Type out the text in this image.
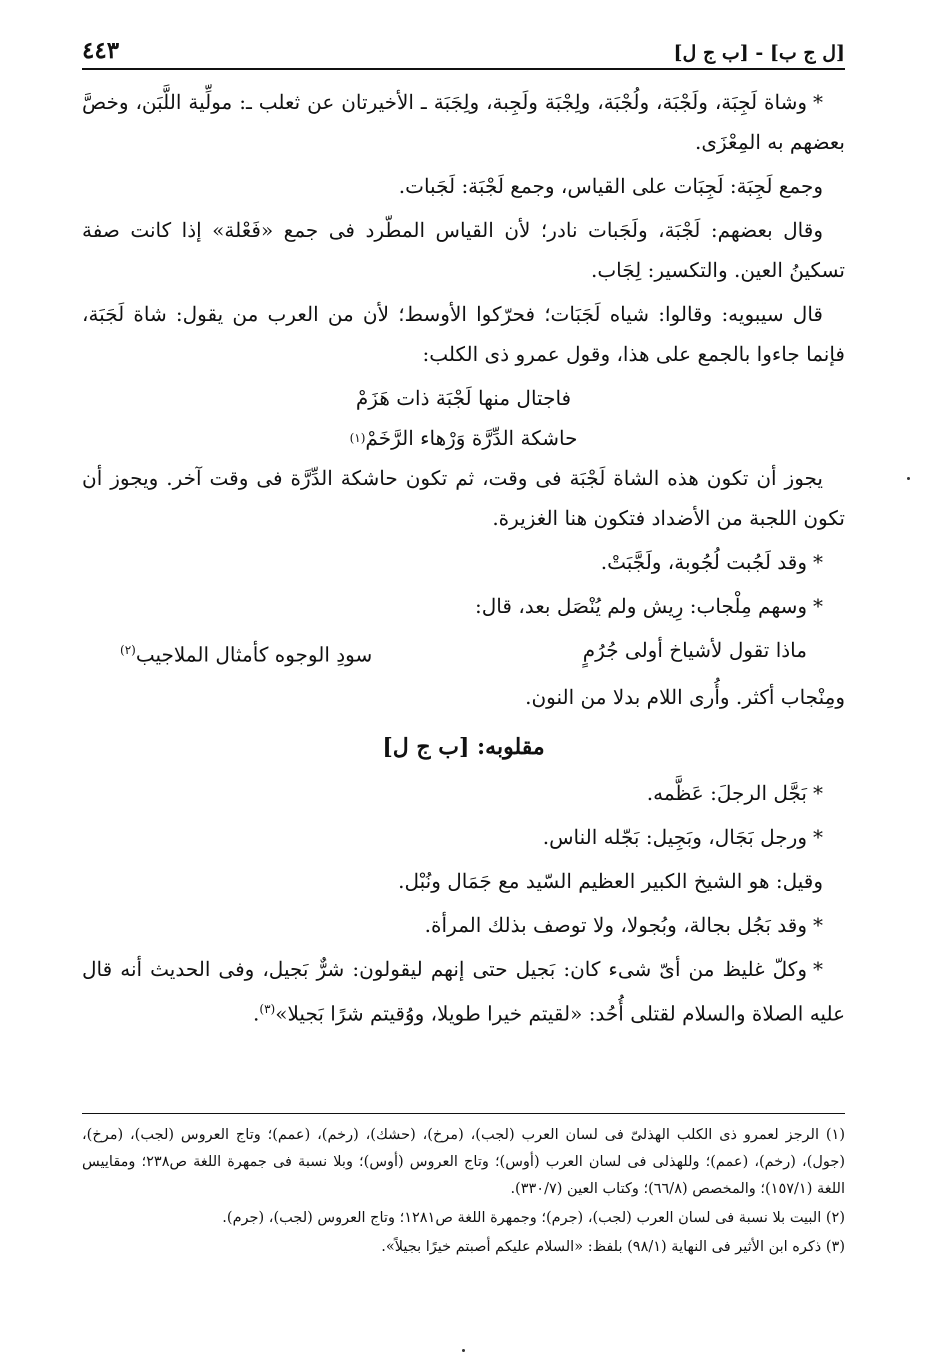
[ل ج ب] - [ب ج ل]
٤٤٣

*وشاة لَجِبَة، ولَجْبَة، ولُجْبَة، ولِجْبَة ولَجِبة، ولِجَبَة ـ الأخيرتان عن ثعلب ـ: مولِّية اللَّبَن، وخصَّ بعضهم به المِعْزَى.

وجمع لَجِبَة: لَجِبَات على القياس، وجمع لَجْبَة: لَجَبات.

وقال بعضهم: لَجْبَة، ولَجَبات نادر؛ لأن القياس المطّرد فى جمع «فَعْلة» إذا كانت صفة تسكينُ العين. والتكسير: لِجَاب.

قال سيبويه: وقالوا: شياه لَجَبَات؛ فحرّكوا الأوسط؛ لأن من العرب من يقول: شاة لَجَبَة، فإنما جاءوا بالجمع على هذا، وقول عمرو ذى الكلب:

فاجتال منها لَجْبَة ذات هَزَمْ
حاشكة الدِّرَّة وَرْهاء الرَّخَمْ
(١)

يجوز أن تكون هذه الشاة لَجْبَة فى وقت، ثم تكون حاشكة الدِّرَّة فى وقت آخر. ويجوز أن تكون اللجبة من الأضداد فتكون هنا الغزيرة.

*وقد لَجُبت لُجُوبة، ولَجَّبَتْ.

*وسهم مِلْجاب: رِيش ولم يُنْصَل بعد، قال:

ماذا تقول لأشياخ أولى جُرُمٍ
سودِ الوجوه كأمثال الملاجيب$^{(٢)}$

ومِنْجاب أكثر. وأُرى اللام بدلا من النون.

مقلوبه: [ب ج ل]

*بَجَّل الرجلَ: عَظَّمه.

*ورجل بَجَال، وبَجِيل: بَجّله الناس.

وقيل: هو الشيخ الكبير العظيم السّيد مع جَمَال ونُبْل.

*وقد بَجُل بجالة، وبُجولا، ولا توصف بذلك المرأة.

*وكلّ غليظ من أىّ شىء كان: بَجيل حتى إنهم ليقولون: شرٌّ بَجيل، وفى الحديث أنه قال عليه الصلاة والسلام لقتلى أُحُد: «لقيتم خيرا طويلا، ووُقيتم شرًا بَجيلا»$^{(٣)}$.

(١) الرجز لعمرو ذى الكلب الهذلىّ فى لسان العرب (لجب)، (مرخ)، (حشك)، (رخم)، (عمم)؛ وتاج العروس (لجب)، (مرخ)، (جول)، (رخم)، (عمم)؛ وللهذلى فى لسان العرب (أوس)؛ وتاج العروس (أوس)؛ وبلا نسبة فى جمهرة اللغة ص٢٣٨؛ ومقاييس اللغة (١٥٧/١)؛ والمخصص (٦٦/٨)؛ وكتاب العين (٣٣٠/٧).

(٢) البيت بلا نسبة فى لسان العرب (لجب)، (جرم)؛ وجمهرة اللغة ص١٢٨١؛ وتاج العروس (لجب)، (جرم).

(٣) ذكره ابن الأثير فى النهاية (٩٨/١) بلفظ: «السلام عليكم أصبتم خيرًا بجيلاً».
